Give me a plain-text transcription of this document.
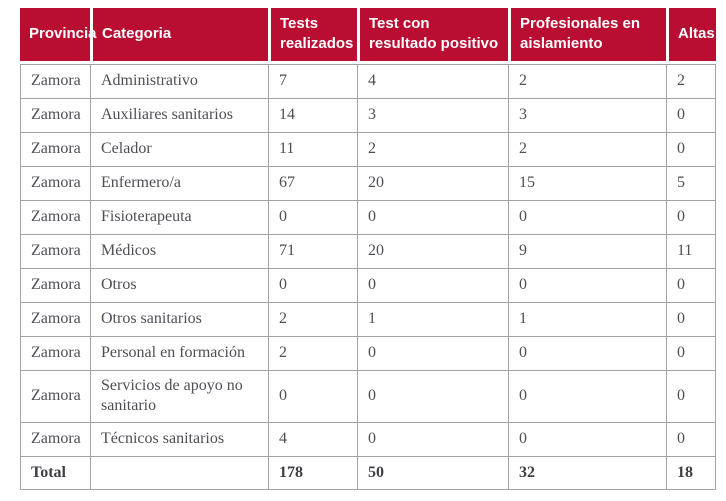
Provincia	Categoria	Tests realizados	Test con resultado positivo	Profesionales en aislamiento	Altas
Zamora	Administrativo	7	4	2	2
Zamora	Auxiliares sanitarios	14	3	3	0
Zamora	Celador	11	2	2	0
Zamora	Enfermero/a	67	20	15	5
Zamora	Fisioterapeuta	0	0	0	0
Zamora	Médicos	71	20	9	11
Zamora	Otros	0	0	0	0
Zamora	Otros sanitarios	2	1	1	0
Zamora	Personal en formación	2	0	0	0
Zamora	Servicios de apoyo no sanitario	0	0	0	0
Zamora	Técnicos sanitarios	4	0	0	0
Total		178	50	32	18
